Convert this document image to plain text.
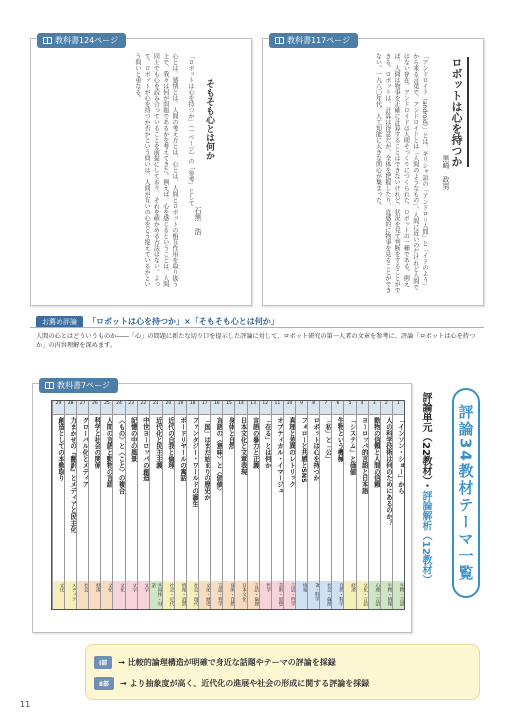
教科書124ページ
「ロボットは心を持つか」（一ベージ）の「参考」として	そもそも心とは何か
石黒　浩
心とは、感情とは、人間の考え方とは、心とは、人間とロボットの相互作用を取り扱う上で、我々は何が問題であるかを考えてきた。例えば、心を感じるということは、人間同士でも心を読み合っていることを前提にしており、それを確かめる方法はない。よって、ロボットが心を持つか否かという問いは、人間が互いの心をどう捉えているかという問いと重なる。
教科書117ページ
ロボットは心を持つか
黒崎　政男
「アンドロイド（android）」とは、ギリシャ語の「アンドロ＝人間」と「イドのよう」から来る言葉で、アンドロイドとは「人間のようなもの」。人間に近いのだけれど人間ではない存在。アンドロイドは人間そっくりにつくられた、ロボットの一種である。例えば、人間は物事を正確に計算することはできないけれど、状況を見て判断をすることができる。ロボットは、計算は得意だが、全体を把握したり、直感的に物事を見ることができない。一九八〇年代、人工知能に大きな関心が集まった。
お薦め評論	「ロボットは心を持つか」×「そもそも心とは何か」
人間の心とはどういうものか――「心」の問題に新たな切り口を提示した評論に対して、ロボット研究の第一人者の文章を参考に、評論「ロボットは心を持つか」の内容理解を深めます。
教科書7ページ
1
「インソン・ショー」から
生物・言語
2
人の科学技術は何のためにあるのか？
生物・情報
3
動物の信頼と人間の信頼
心理・言語
4
ヨーロッパ的言語と日本語
文化・言語
5
「システム」と価値
経済
6
生物という機械
自然・科学
7
「私」と「公」
社会・倫理
8
ロボットは心を持つか
AI・科学
9
フォローと共感とSNS
情報
10
真理と差異のレトリック
言語・哲学
11
オプティカル・イマージュ
芸術・思想
12
「在る」とは何か
哲学
13
言語の暴力と正義
言語・倫理
14
日本文化と文章表現
日本文化
15
身体と自然
身体・自然
16
言語の〈意味〉と〈価値〉
言語・哲学
17
「国」はまだ始まりの歴史か
文化・歴史
18
ファンタジー・ワールドの誕生
社会・現代
19
ボードリヤールの寓話
情報・消費
20
近代の自我と倫理
社会・近代
21
近代化と民主主義
共同体・対話
22
中世ヨーロッパの創造
文字
23
記憶の中の風景
文字
24
〈もの〉と〈こと〉の複合
文化
25
人間の言語と動物の言語
文化
26
科学と社会の関係
経済
27
グローバル化とメディア
社会
28
力まかせの『翻訳』とメディアと民主化
メディア
29
創造としての本歌取り
文化
評論34教材テーマ一覧
評論単元（22教材）・評論解析（12教材）
Ⅰ部	→ 比較的論理構造が明確で身近な話題やテーマの評論を採録
Ⅱ部	→ より抽象度が高く、近代化の進展や社会の形成に関する評論を採録
11
